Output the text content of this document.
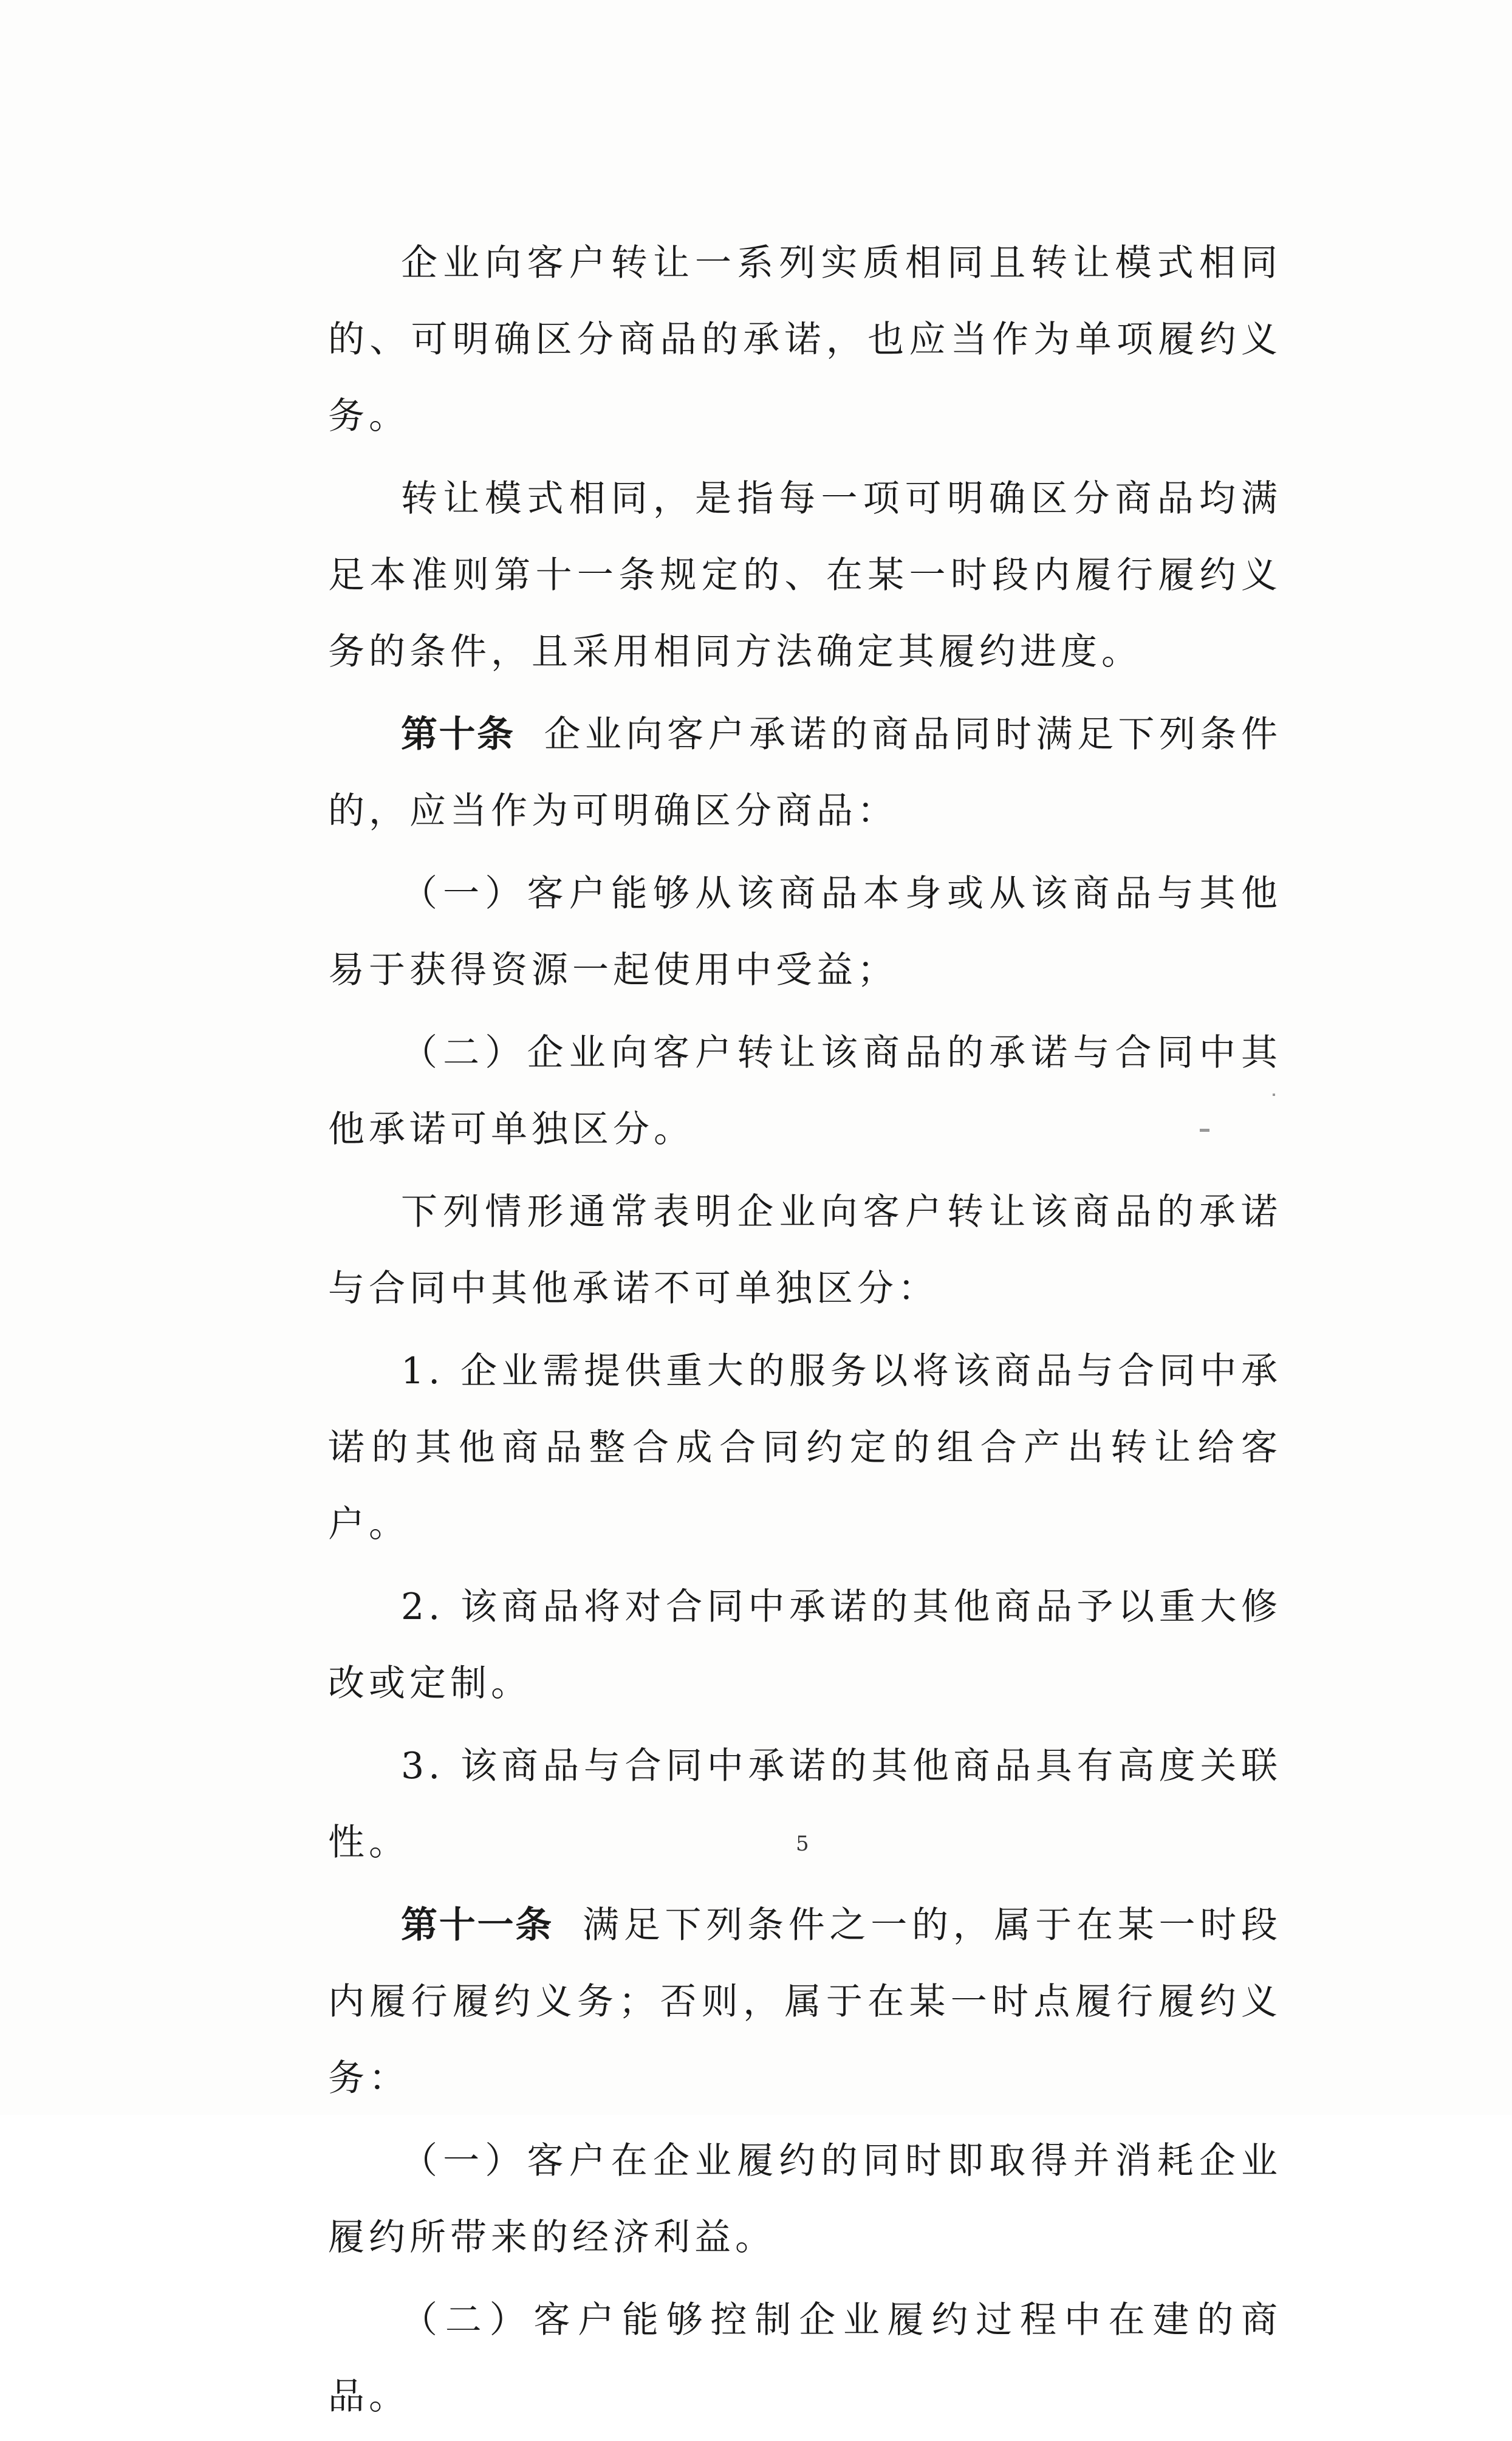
企业向客户转让一系列实质相同且转让模式相同的、可明确区分商品的承诺，也应当作为单项履约义务。

转让模式相同，是指每一项可明确区分商品均满足本准则第十一条规定的、在某一时段内履行履约义务的条件，且采用相同方法确定其履约进度。

第十条 企业向客户承诺的商品同时满足下列条件的，应当作为可明确区分商品：

（一）客户能够从该商品本身或从该商品与其他易于获得资源一起使用中受益；

（二）企业向客户转让该商品的承诺与合同中其他承诺可单独区分。

下列情形通常表明企业向客户转让该商品的承诺与合同中其他承诺不可单独区分：

1. 企业需提供重大的服务以将该商品与合同中承诺的其他商品整合成合同约定的组合产出转让给客户。

2. 该商品将对合同中承诺的其他商品予以重大修改或定制。

3. 该商品与合同中承诺的其他商品具有高度关联性。

第十一条 满足下列条件之一的，属于在某一时段内履行履约义务；否则，属于在某一时点履行履约义务：

（一）客户在企业履约的同时即取得并消耗企业履约所带来的经济利益。

（二）客户能够控制企业履约过程中在建的商品。

5
